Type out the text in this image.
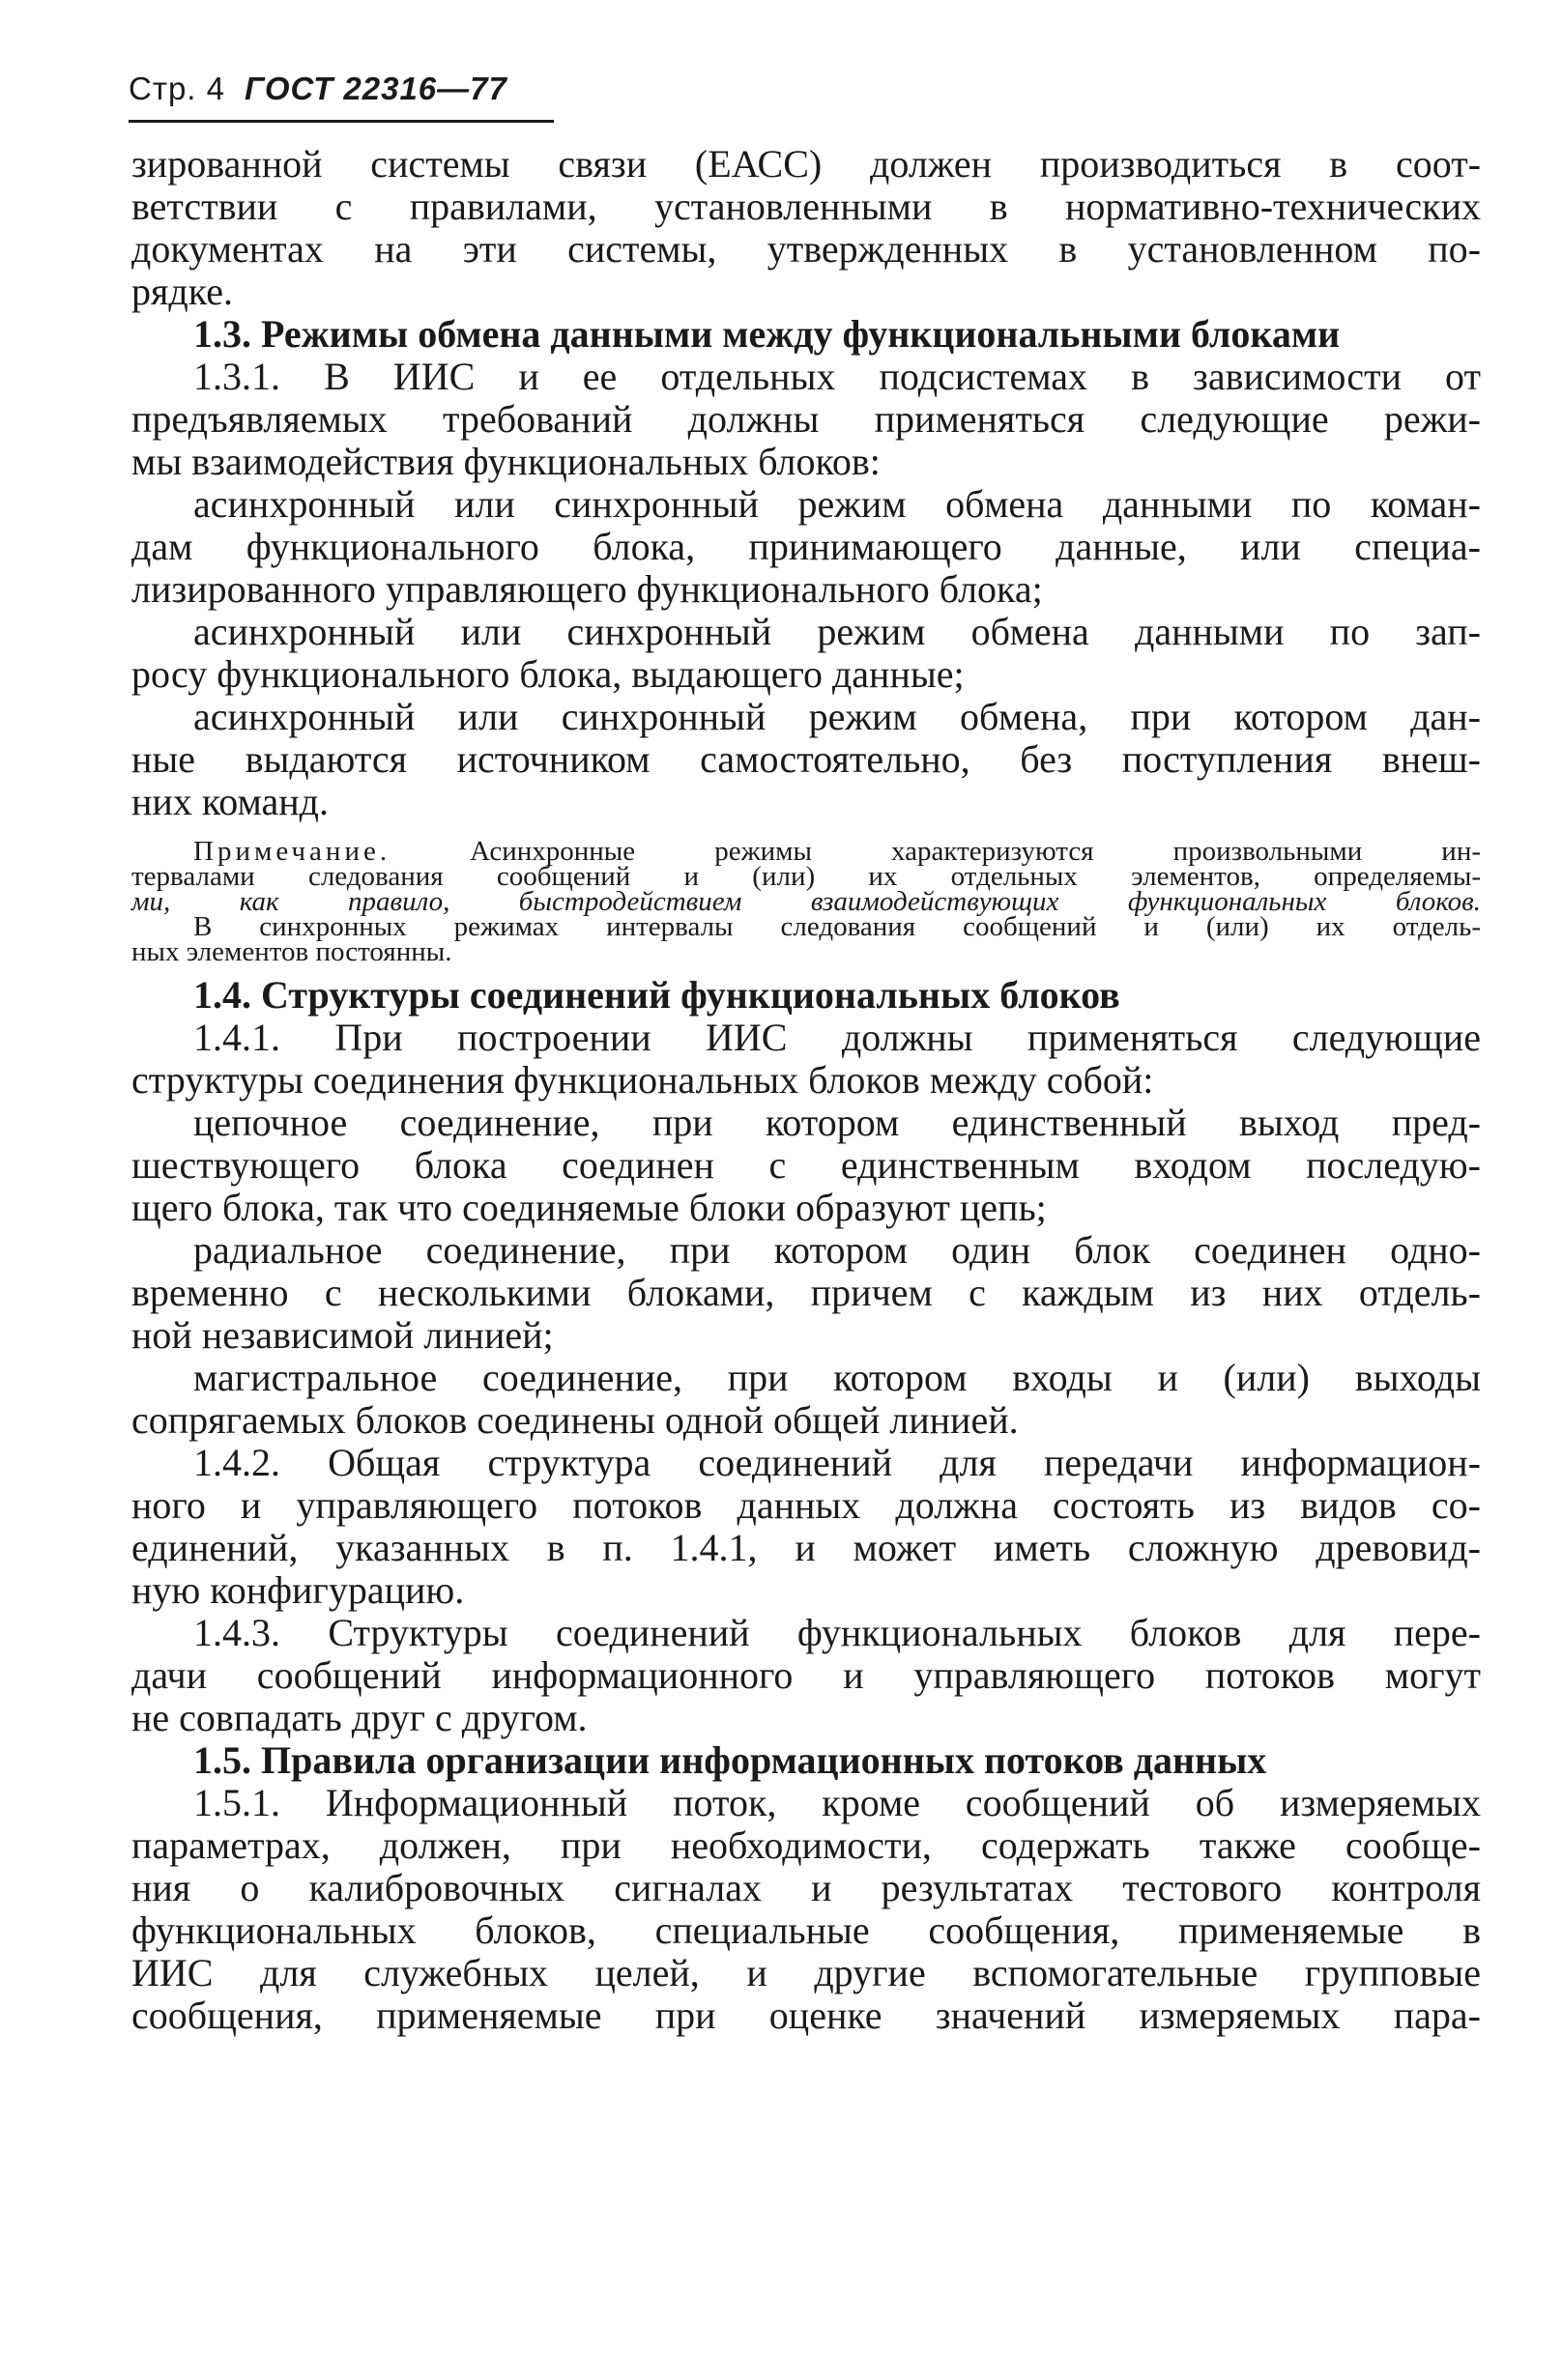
Стр. 4 ГОСТ 22316—77

зированной системы связи (ЕАСС) должен производиться в соот-
ветствии с правилами, установленными в нормативно-технических
документах на эти системы, утвержденных в установленном по-
рядке.

1.3. Режимы обмена данными между функциональными блоками

1.3.1. В ИИС и ее отдельных подсистемах в зависимости от
предъявляемых требований должны применяться следующие режи-
мы взаимодействия функциональных блоков:

асинхронный или синхронный режим обмена данными по коман-
дам функционального блока, принимающего данные, или специа-
лизированного управляющего функционального блока;

асинхронный или синхронный режим обмена данными по зап-
росу функционального блока, выдающего данные;

асинхронный или синхронный режим обмена, при котором дан-
ные выдаются источником самостоятельно, без поступления внеш-
них команд.

Примечание.	Асинхронные режимы характеризуются произвольными ин-
тервалами следования сообщений и (или) их отдельных элементов, определяемы-
ми, как правило, быстродействием взаимодействующих функциональных блоков.
В синхронных режимах интервалы следования сообщений и (или) их отдель-
ных элементов постоянны.

1.4. Структуры соединений функциональных блоков

1.4.1. При построении ИИС должны применяться следующие
структуры соединения функциональных блоков между собой:

цепочное соединение, при котором единственный выход пред-
шествующего блока соединен с единственным входом последую-
щего блока, так что соединяемые блоки образуют цепь;

радиальное соединение, при котором один блок соединен одно-
временно с несколькими блоками, причем с каждым из них отдель-
ной независимой линией;

магистральное соединение, при котором входы и (или) выходы
сопрягаемых блоков соединены одной общей линией.

1.4.2. Общая структура соединений для передачи информацион-
ного и управляющего потоков данных должна состоять из видов со-
единений, указанных в п. 1.4.1, и может иметь сложную древовид-
ную конфигурацию.

1.4.3. Структуры соединений функциональных блоков для пере-
дачи сообщений информационного и управляющего потоков могут
не совпадать друг с другом.

1.5. Правила организации информационных потоков данных

1.5.1. Информационный поток, кроме сообщений об измеряемых
параметрах, должен, при необходимости, содержать также сообще-
ния о калибровочных сигналах и результатах тестового контроля
функциональных блоков, специальные сообщения, применяемые в
ИИС для служебных целей, и другие вспомогательные групповые
сообщения, применяемые при оценке значений измеряемых пара-
